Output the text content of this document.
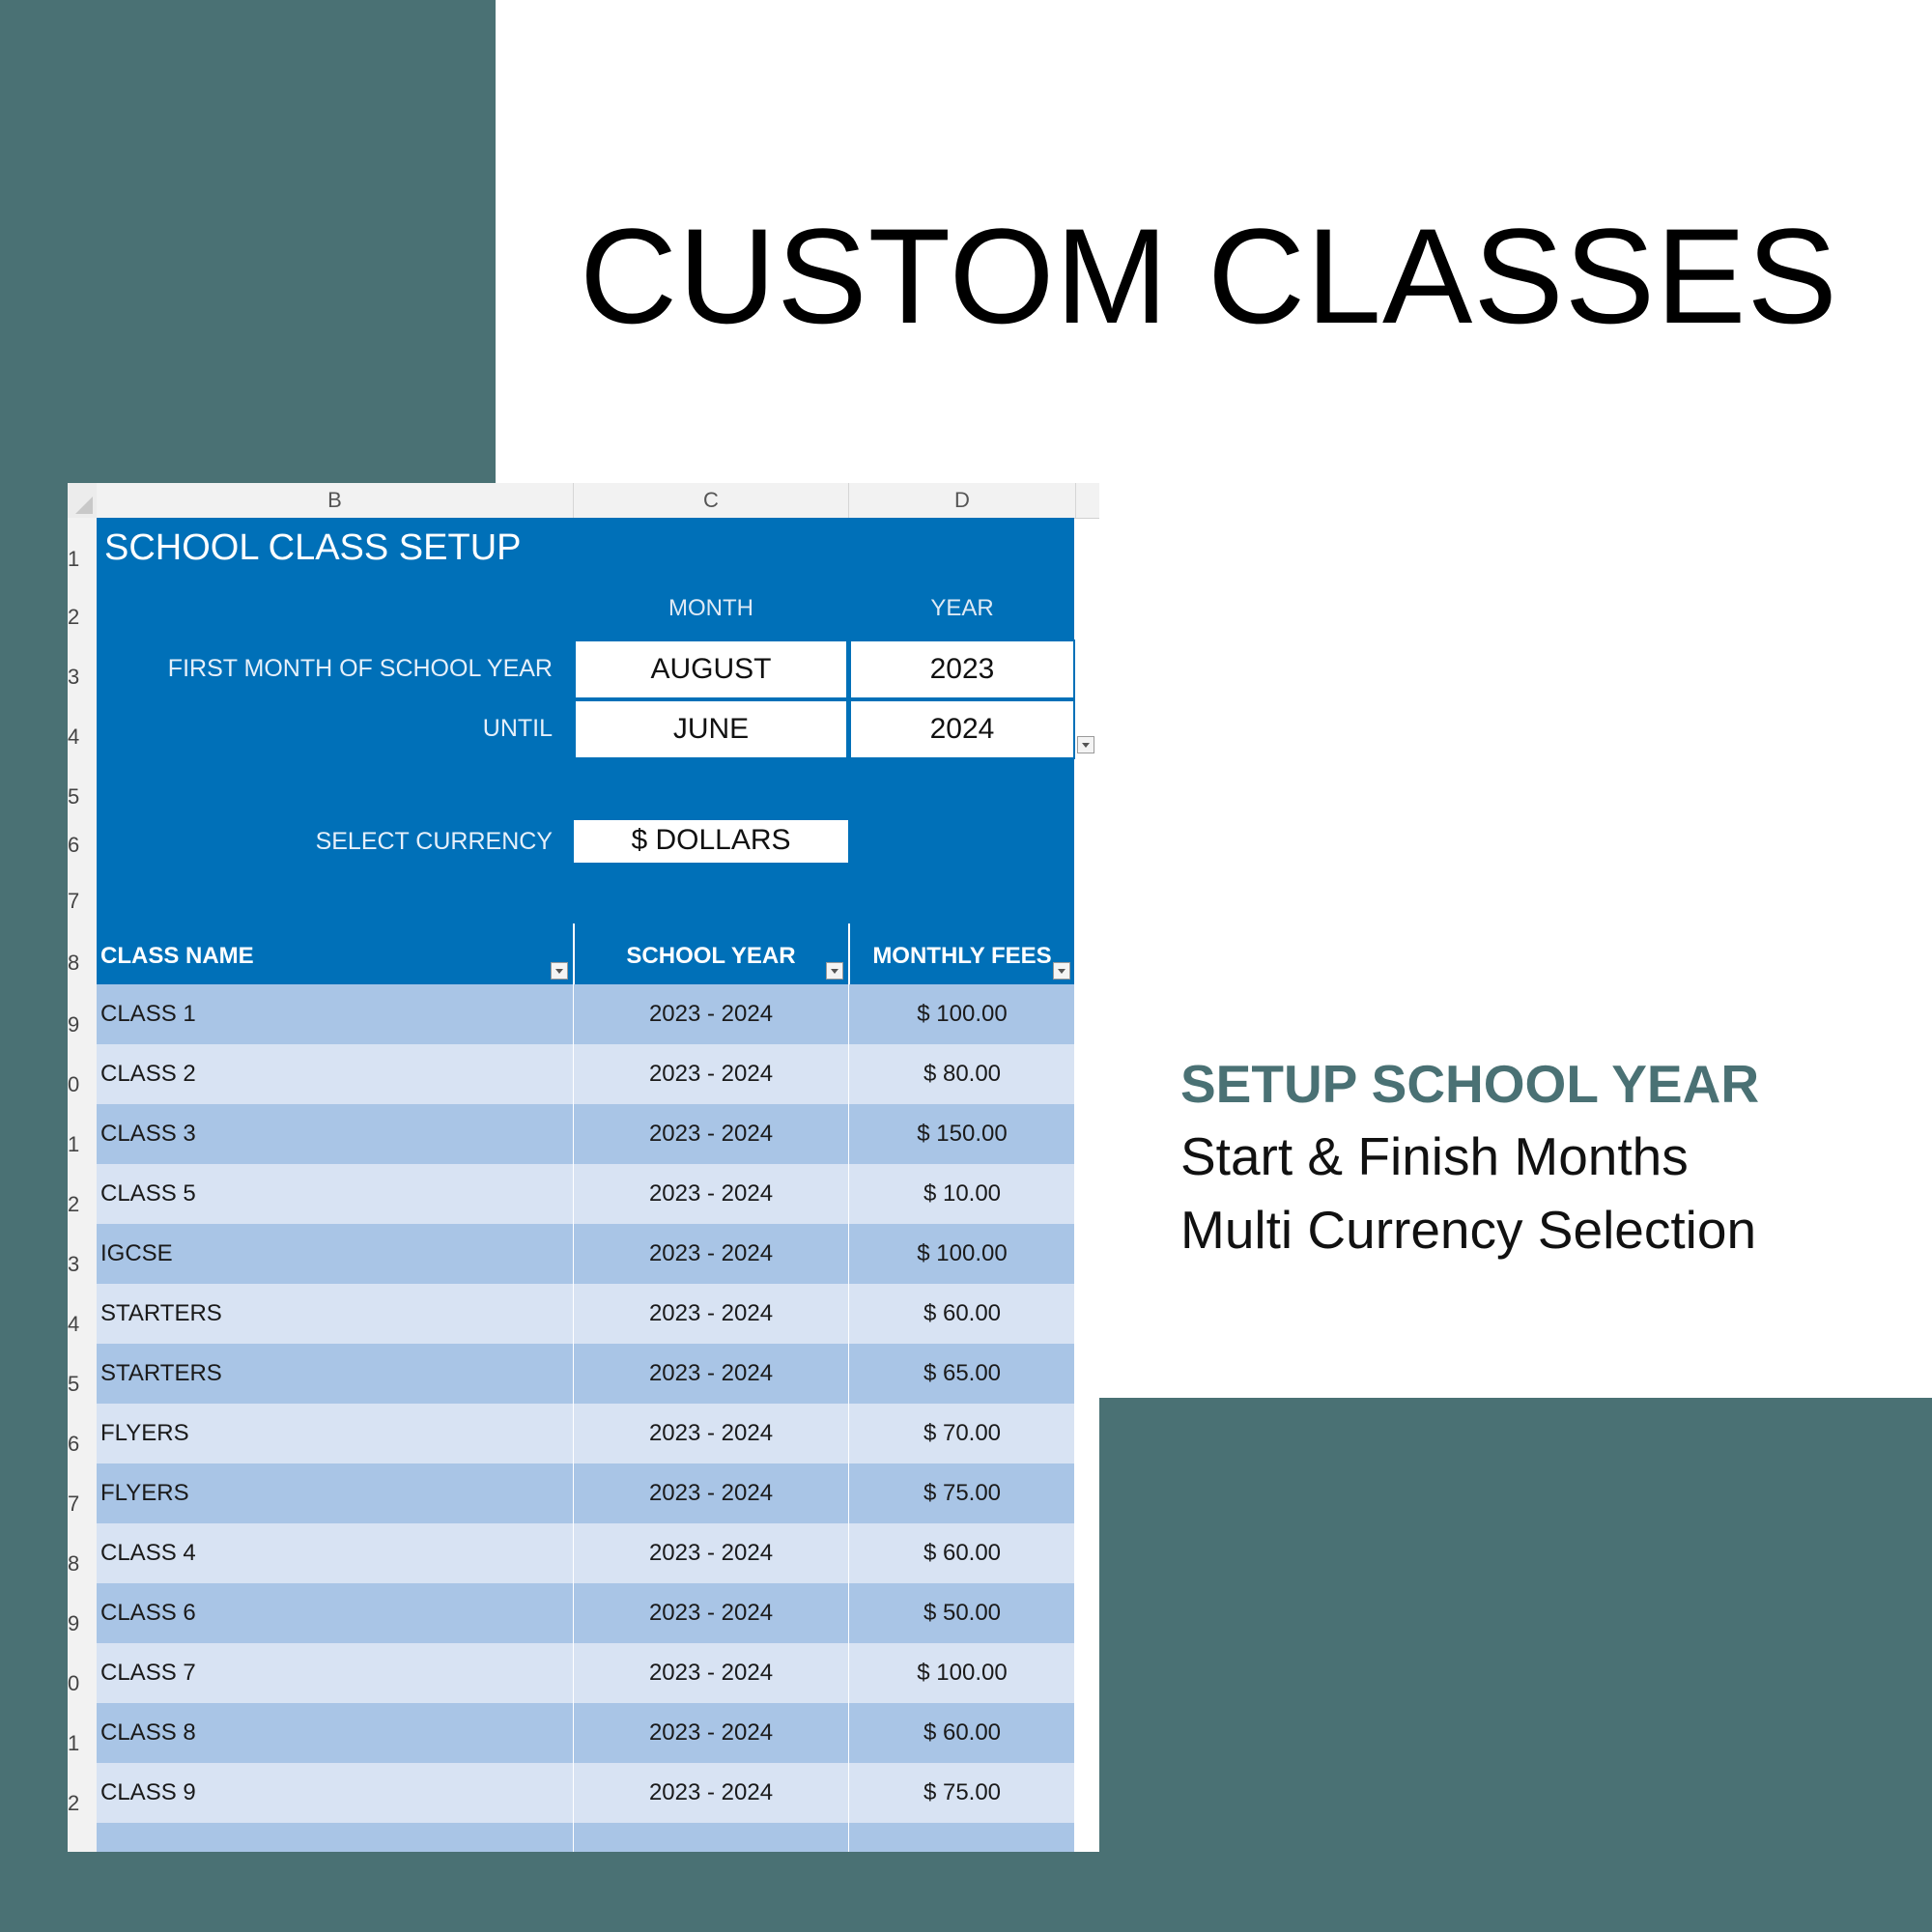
CUSTOM CLASSES
SETUP SCHOOL YEAR
Start & Finish Months
Multi Currency Selection
B	C	D
1
2
3
4
5
6
7
8
9
0
1
2
3
4
5
6
7
8
9
0
1
2
SCHOOL CLASS SETUP
MONTH	YEAR
FIRST MONTH OF SCHOOL YEAR	AUGUST	2023
UNTIL	JUNE	2024
SELECT CURRENCY	$ DOLLARS
CLASS NAME	SCHOOL YEAR	MONTHLY FEES
CLASS 1	2023 - 2024	$ 100.00
CLASS 2	2023 - 2024	$ 80.00
CLASS 3	2023 - 2024	$ 150.00
CLASS 5	2023 - 2024	$ 10.00
IGCSE	2023 - 2024	$ 100.00
STARTERS	2023 - 2024	$ 60.00
STARTERS	2023 - 2024	$ 65.00
FLYERS	2023 - 2024	$ 70.00
FLYERS	2023 - 2024	$ 75.00
CLASS 4	2023 - 2024	$ 60.00
CLASS 6	2023 - 2024	$ 50.00
CLASS 7	2023 - 2024	$ 100.00
CLASS 8	2023 - 2024	$ 60.00
CLASS 9	2023 - 2024	$ 75.00
